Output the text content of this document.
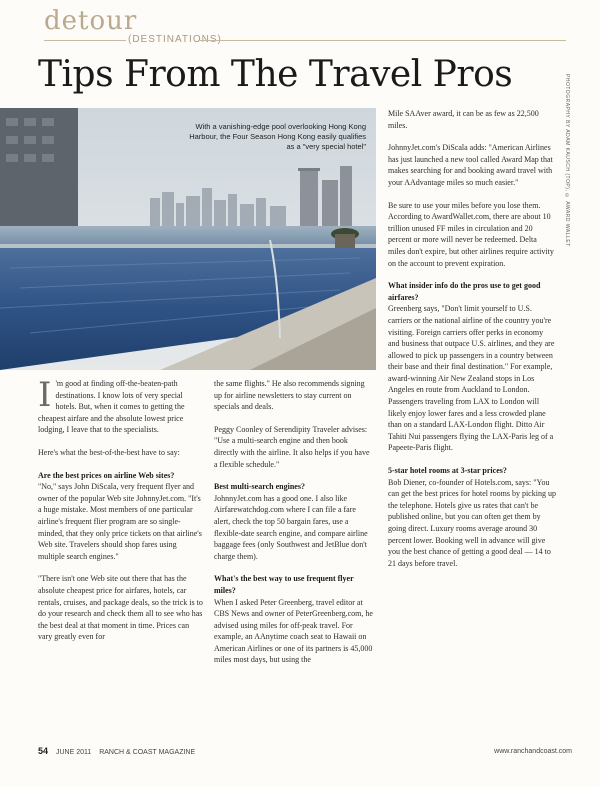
detour
(DESTINATIONS)
Tips From The Travel Pros	PHOTOGRAPHY BY ADAM KAUSCH (TOP), © AWARD WALLET
With a vanishing-edge pool overlooking Hong Kong Harbour, the Four Season Hong Kong easily qualifies as a "very special hotel"

I 'm good at finding off-the-beaten-path destinations. I know lots of very special hotels. But, when it comes to getting the cheapest airfare and the absolute lowest price lodging, I leave that to the specialists.

Here's what the best-of-the-best have to say:

Are the best prices on airline Web sites?

"No," says John DiScala, very frequent flyer and owner of the popular Web site JohnnyJet.com. "It's a huge mistake. Most members of one particular airline's frequent flier program are so single-minded, that they only price tickets on that airline's Web site. Travelers should shop fares using multiple search engines."

"There isn't one Web site out there that has the absolute cheapest price for airfares, hotels, car rentals, cruises, and package deals, so the trick is to do your research and check them all to see who has the best deal at that moment in time. Prices can vary greatly even for

the same flights." He also recommends signing up for airline newsletters to stay current on specials and deals.

Peggy Coonley of Serendipity Traveler advises: "Use a multi-search engine and then book directly with the airline. It also helps if you have a flexible schedule."

Best multi-search engines?

JohnnyJet.com has a good one. I also like Airfarewatchdog.com where I can file a fare alert, check the top 50 bargain fares, use a flexible-date search engine, and compare airline baggage fees (only Southwest and JetBlue don't charge them).

What's the best way to use frequent flyer miles?

When I asked Peter Greenberg, travel editor at CBS News and owner of PeterGreenberg.com, he advised using miles for off-peak travel. For example, an AAnytime coach seat to Hawaii on American Airlines or one of its partners is 45,000 miles most days, but using the

Mile SAAver award, it can be as few as 22,500 miles.

JohnnyJet.com's DiScala adds: "American Airlines has just launched a new tool called Award Map that makes searching for and booking award travel with your AAdvantage miles so much easier."

Be sure to use your miles before you lose them. According to AwardWallet.com, there are about 10 trillion unused FF miles in circulation and 20 percent or more will never be redeemed. Delta miles don't expire, but other airlines require activity on the account to prevent expiration.

What insider info do the pros use to get good airfares?

Greenberg says, "Don't limit yourself to U.S. carriers or the national airline of the country you're visiting. Foreign carriers offer perks in economy and business that outpace U.S. airlines, and they are allowed to pick up passengers in a country between their base and their final destination." For example, award-winning Air New Zealand stops in Los Angeles en route from Auckland to London. Passengers traveling from LAX to London will likely enjoy lower fares and a less crowded plane than on a standard LAX-London flight. Ditto Air Tahiti Nui passengers flying the LAX-Paris leg of a Papeete-Paris flight.

5-star hotel rooms at 3-star prices?

Bob Diener, co-founder of Hotels.com, says: "You can get the best prices for hotel rooms by picking up the telephone. Hotels give us rates that can't be published online, but you can often get them by going direct. Luxury rooms average around 30 percent lower. Booking well in advance will give you the best chance of getting a good deal — 14 to 21 days before travel.

54 JUNE 2011 RANCH & COAST MAGAZINE	www.ranchandcoast.com
